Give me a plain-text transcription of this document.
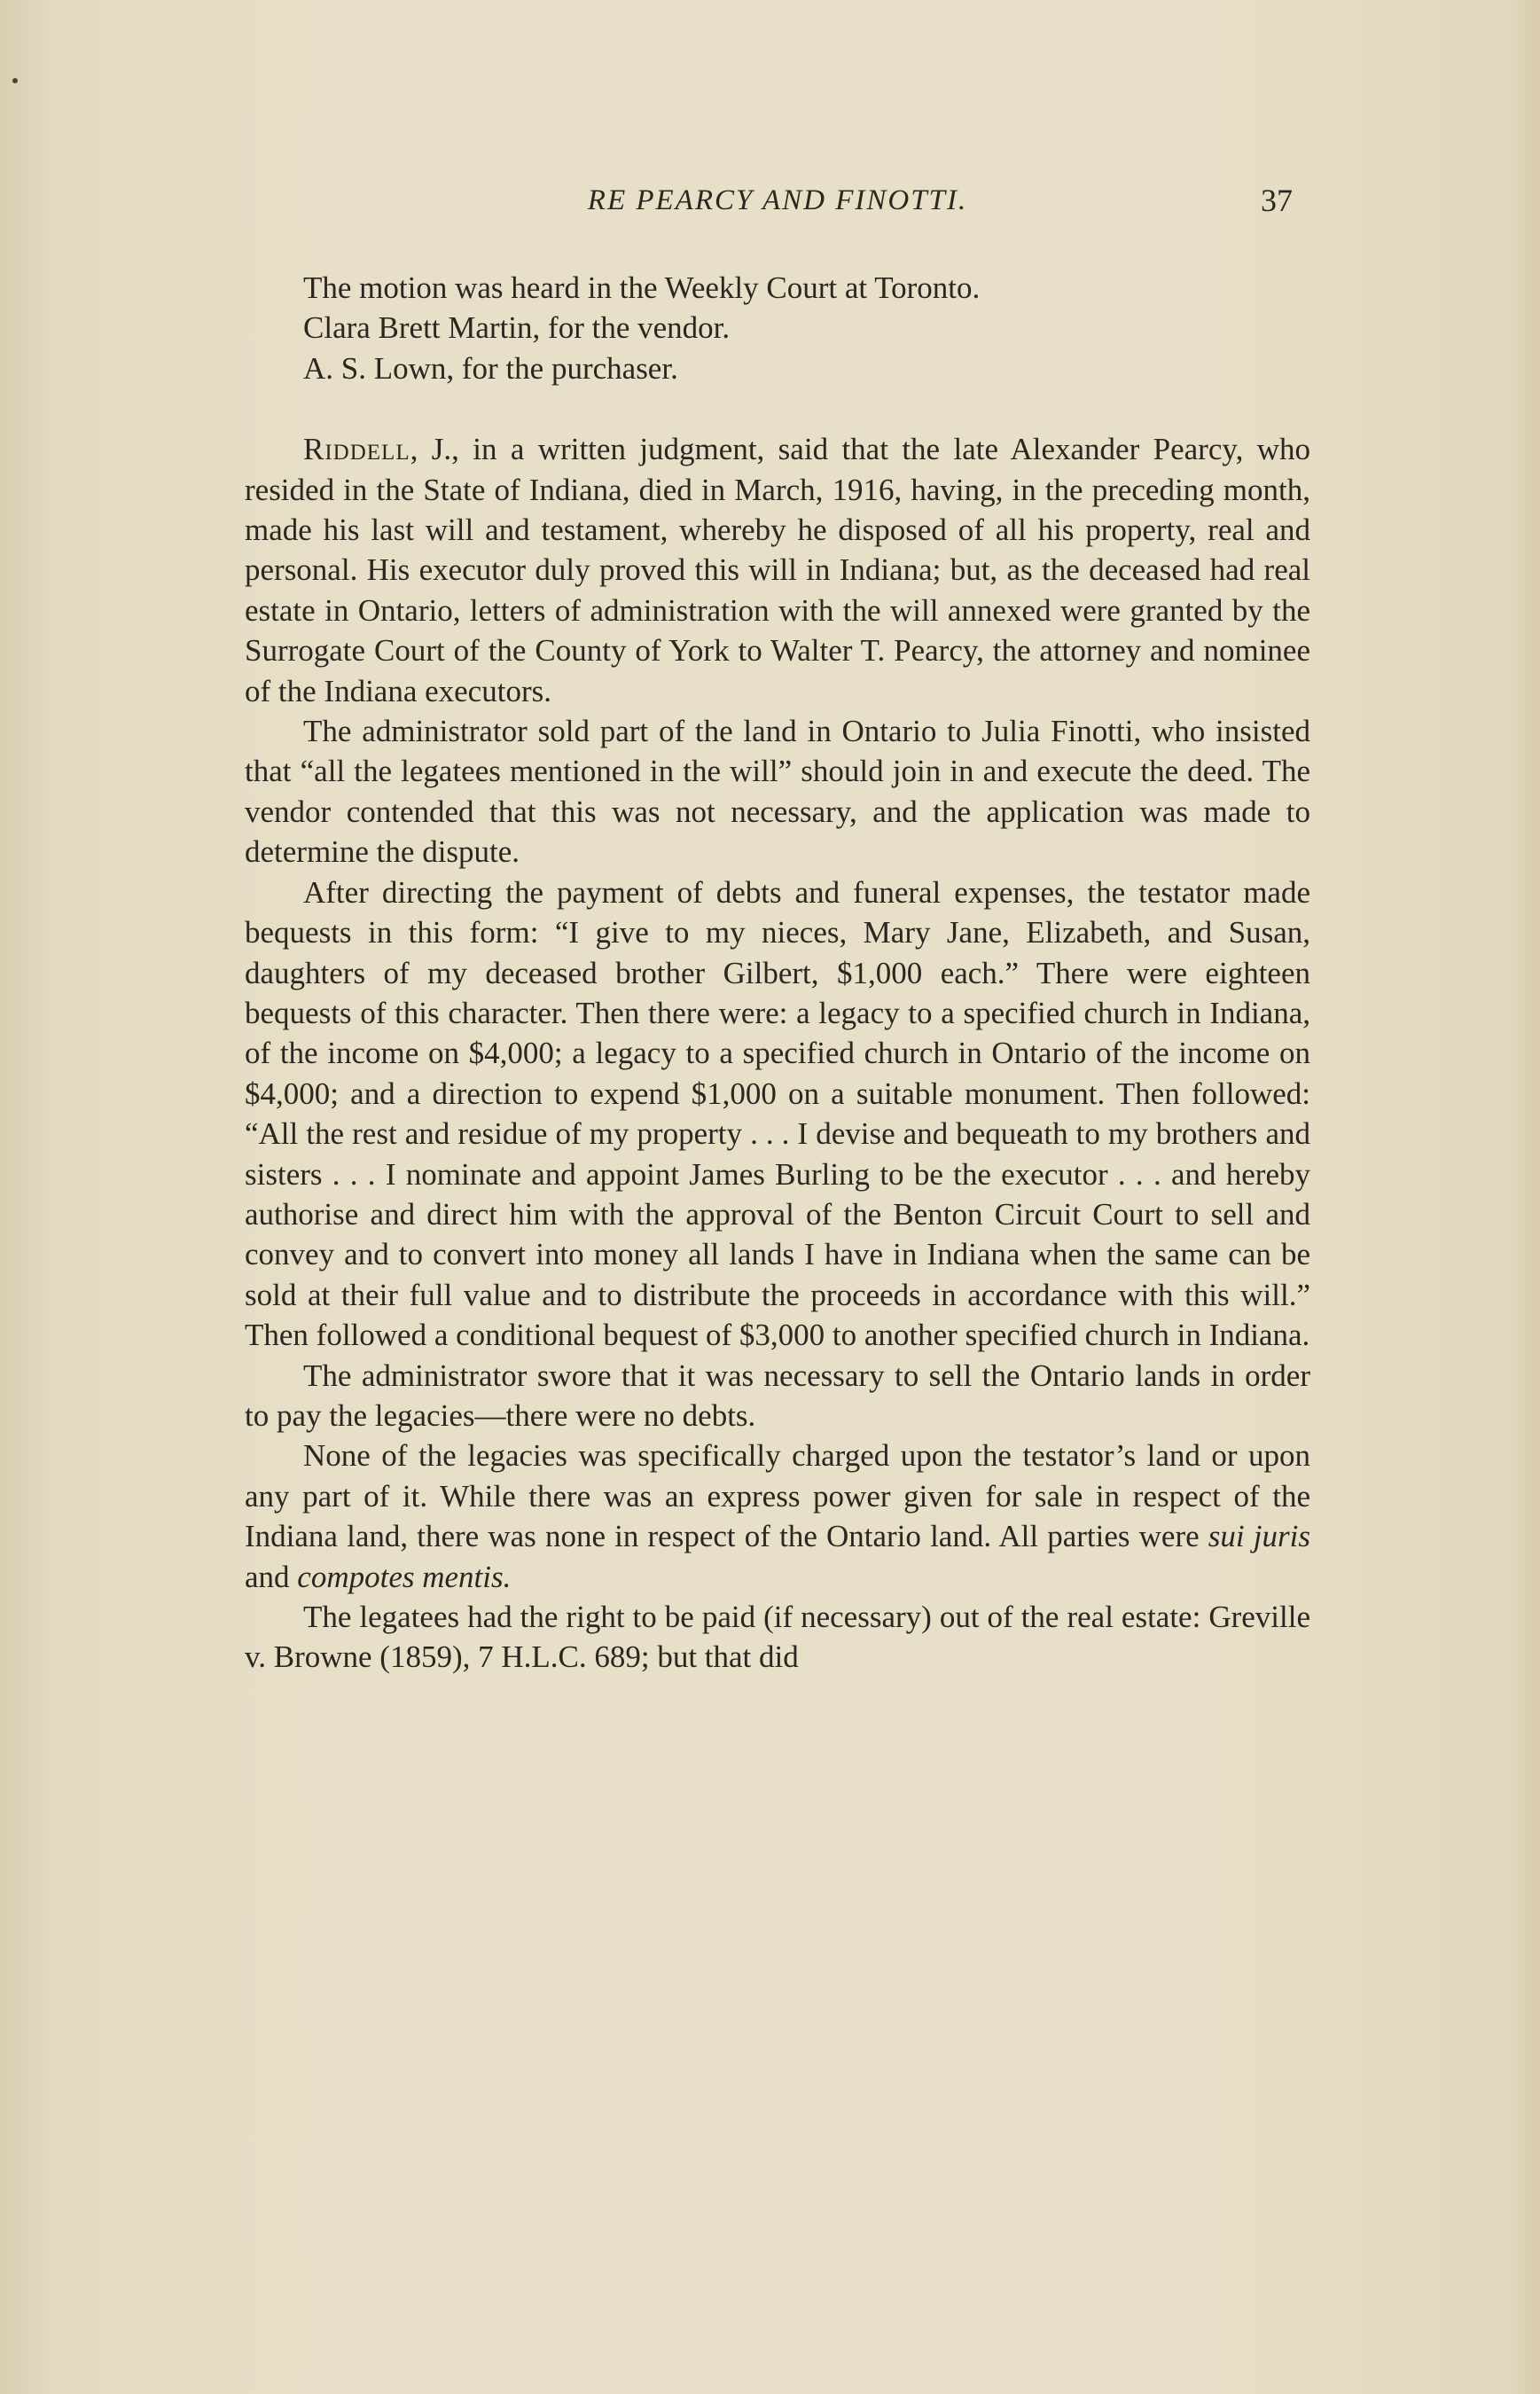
RE PEARCY AND FINOTTI.	37

The motion was heard in the Weekly Court at Toronto.

Clara Brett Martin, for the vendor.

A. S. Lown, for the purchaser.

Riddell, J., in a written judgment, said that the late Alexander Pearcy, who resided in the State of Indiana, died in March, 1916, having, in the preceding month, made his last will and testament, whereby he disposed of all his property, real and personal. His executor duly proved this will in Indiana; but, as the deceased had real estate in Ontario, letters of administration with the will annexed were granted by the Surrogate Court of the County of York to Walter T. Pearcy, the attorney and nominee of the Indiana executors.

The administrator sold part of the land in Ontario to Julia Finotti, who insisted that “all the legatees mentioned in the will” should join in and execute the deed. The vendor contended that this was not necessary, and the application was made to determine the dispute.

After directing the payment of debts and funeral expenses, the testator made bequests in this form: “I give to my nieces, Mary Jane, Elizabeth, and Susan, daughters of my deceased brother Gilbert, $1,000 each.” There were eighteen bequests of this character. Then there were: a legacy to a specified church in Indiana, of the income on $4,000; a legacy to a specified church in Ontario of the income on $4,000; and a direction to expend $1,000 on a suitable monument. Then followed: “All the rest and residue of my property . . . I devise and bequeath to my brothers and sisters . . . I nominate and appoint James Burling to be the executor . . . and hereby authorise and direct him with the approval of the Benton Circuit Court to sell and convey and to convert into money all lands I have in Indiana when the same can be sold at their full value and to distribute the proceeds in accordance with this will.” Then followed a conditional bequest of $3,000 to another specified church in Indiana.

The administrator swore that it was necessary to sell the Ontario lands in order to pay the legacies—there were no debts.

None of the legacies was specifically charged upon the testator’s land or upon any part of it. While there was an express power given for sale in respect of the Indiana land, there was none in respect of the Ontario land. All parties were sui juris and compotes mentis.

The legatees had the right to be paid (if necessary) out of the real estate: Greville v. Browne (1859), 7 H.L.C. 689; but that did
